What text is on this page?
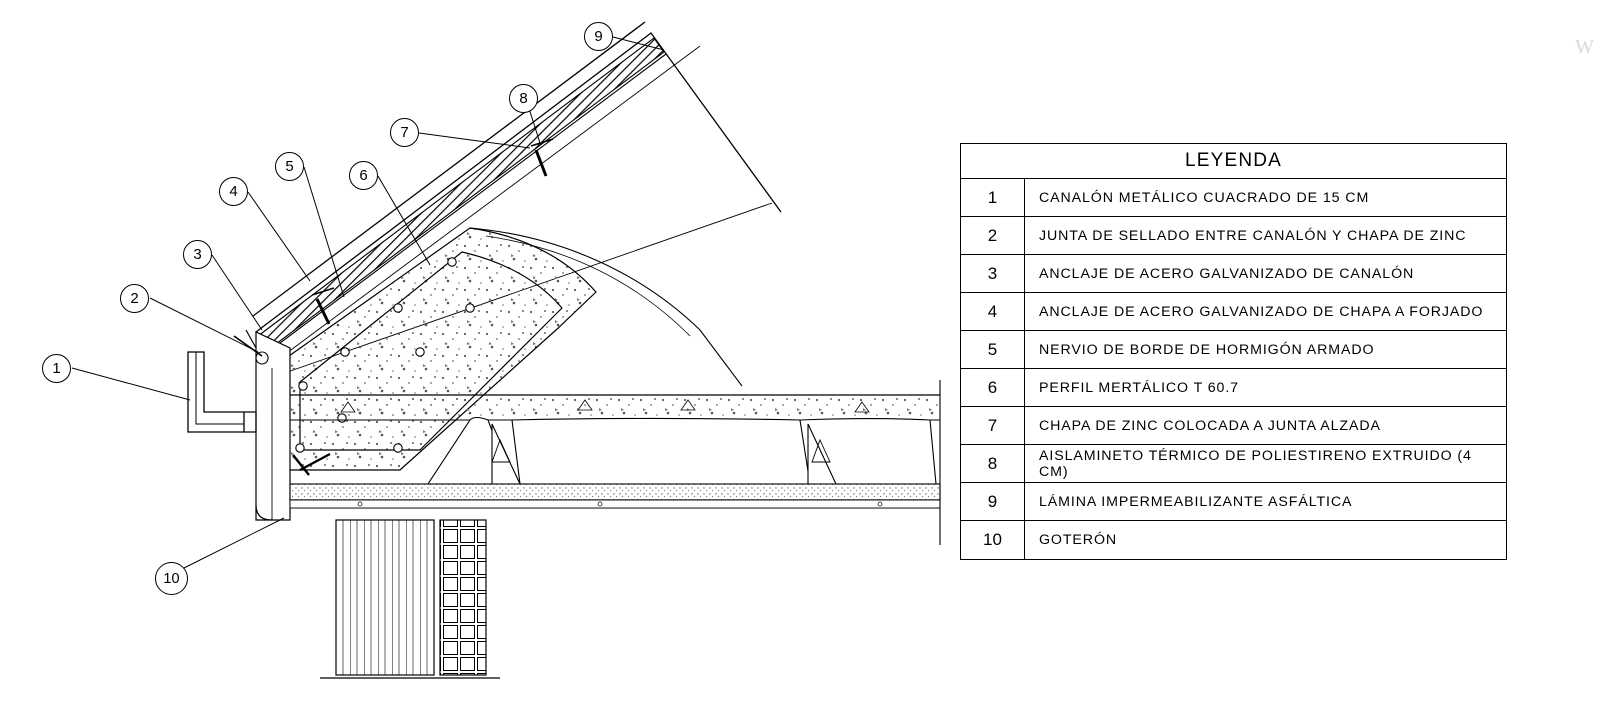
1
2
3
4
5
6
7
8
9
10
LEYENDA
1	CANALÓN METÁLICO CUACRADO DE 15 CM
2	JUNTA DE SELLADO ENTRE CANALÓN Y CHAPA DE ZINC
3	ANCLAJE DE ACERO GALVANIZADO DE CANALÓN
4	ANCLAJE DE ACERO GALVANIZADO DE CHAPA A FORJADO
5	NERVIO DE BORDE DE HORMIGÓN ARMADO
6	PERFIL MERTÁLICO T 60.7
7	CHAPA DE ZINC COLOCADA A JUNTA ALZADA
8	AISLAMINETO TÉRMICO DE POLIESTIRENO EXTRUIDO (4 CM)
9	LÁMINA IMPERMEABILIZANTE ASFÁLTICA
10	GOTERÓN
W
